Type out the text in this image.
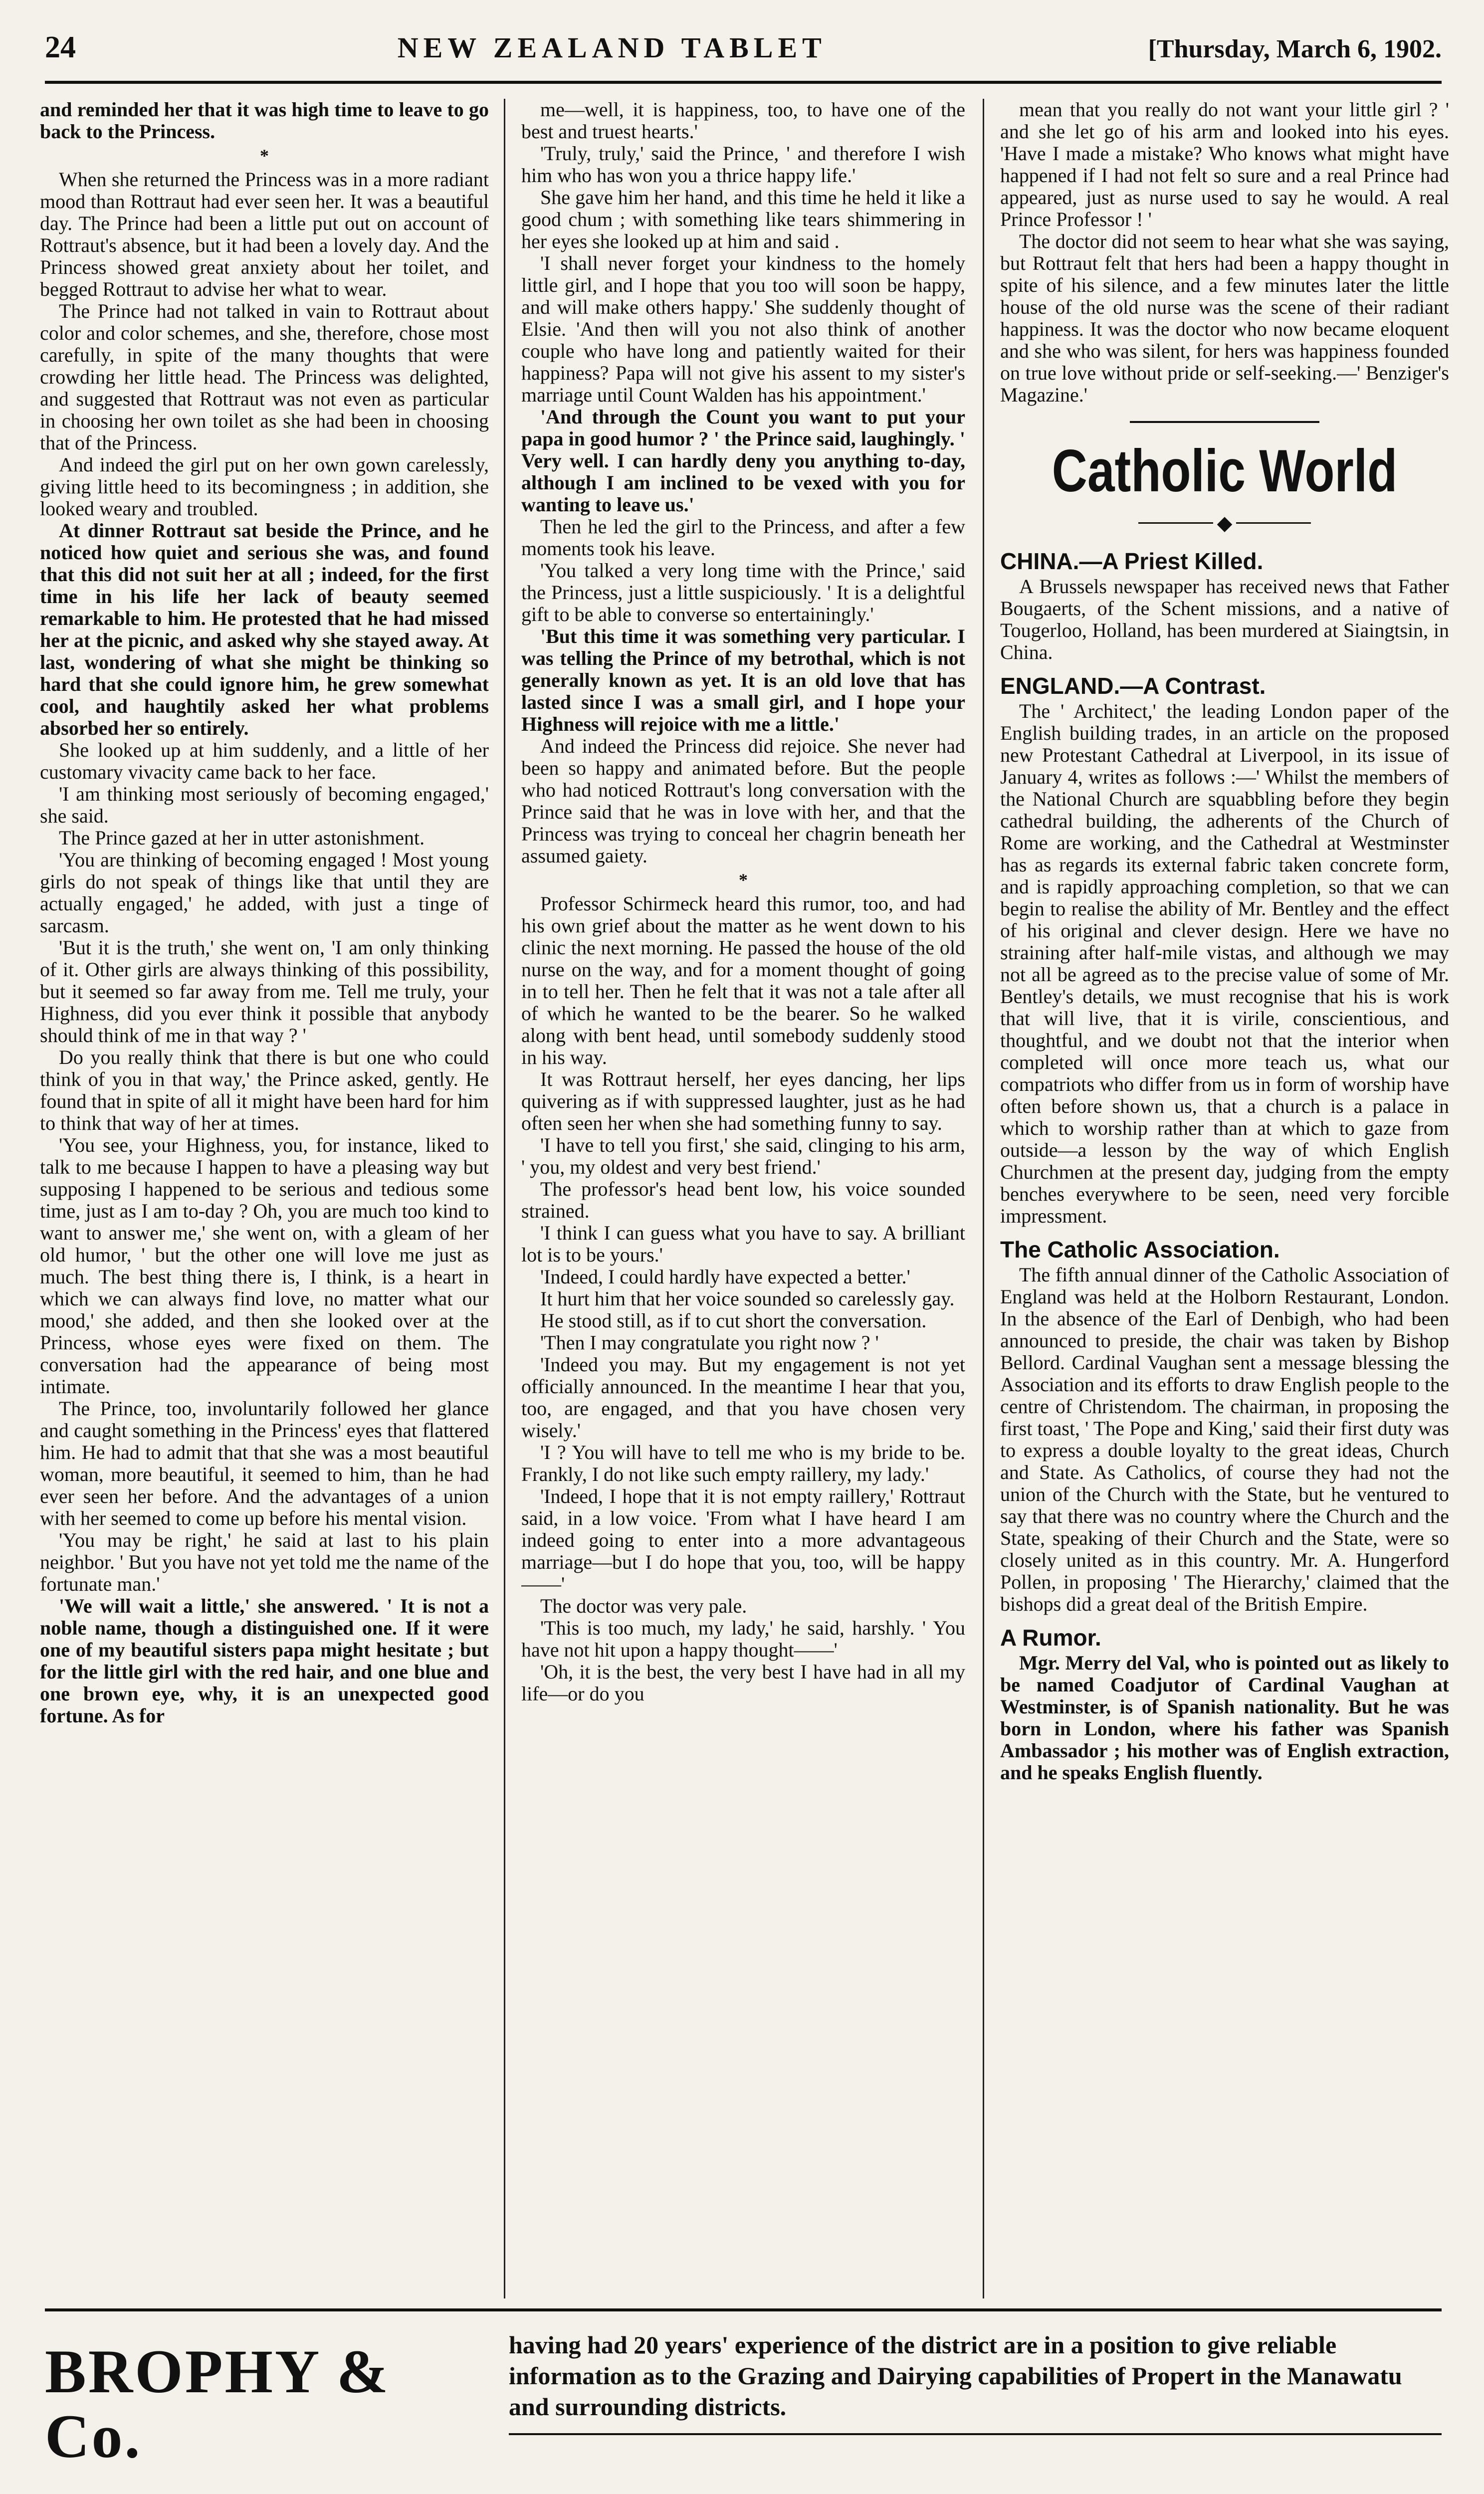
24	NEW ZEALAND TABLET	[Thursday, March 6, 1902.

and reminded her that it was high time to leave to go back to the Princess.

*

When she returned the Princess was in a more radiant mood than Rottraut had ever seen her. It was a beautiful day. The Prince had been a little put out on account of Rottraut's absence, but it had been a lovely day. And the Princess showed great anxiety about her toilet, and begged Rottraut to advise her what to wear.

The Prince had not talked in vain to Rottraut about color and color schemes, and she, therefore, chose most carefully, in spite of the many thoughts that were crowding her little head. The Princess was delighted, and suggested that Rottraut was not even as particular in choosing her own toilet as she had been in choosing that of the Princess.

And indeed the girl put on her own gown carelessly, giving little heed to its becomingness ; in addition, she looked weary and troubled.

At dinner Rottraut sat beside the Prince, and he noticed how quiet and serious she was, and found that this did not suit her at all ; indeed, for the first time in his life her lack of beauty seemed remarkable to him. He protested that he had missed her at the picnic, and asked why she stayed away. At last, wondering of what she might be thinking so hard that she could ignore him, he grew somewhat cool, and haughtily asked her what problems absorbed her so entirely.

She looked up at him suddenly, and a little of her customary vivacity came back to her face.

'I am thinking most seriously of becoming engaged,' she said.

The Prince gazed at her in utter astonishment.

'You are thinking of becoming engaged ! Most young girls do not speak of things like that until they are actually engaged,' he added, with just a tinge of sarcasm.

'But it is the truth,' she went on, 'I am only thinking of it. Other girls are always thinking of this possibility, but it seemed so far away from me. Tell me truly, your Highness, did you ever think it possible that anybody should think of me in that way ? '

Do you really think that there is but one who could think of you in that way,' the Prince asked, gently. He found that in spite of all it might have been hard for him to think that way of her at times.

'You see, your Highness, you, for instance, liked to talk to me because I happen to have a pleasing way but supposing I happened to be serious and tedious some time, just as I am to-day ? Oh, you are much too kind to want to answer me,' she went on, with a gleam of her old humor, ' but the other one will love me just as much. The best thing there is, I think, is a heart in which we can always find love, no matter what our mood,' she added, and then she looked over at the Princess, whose eyes were fixed on them. The conversation had the appearance of being most intimate.

The Prince, too, involuntarily followed her glance and caught something in the Princess' eyes that flattered him. He had to admit that that she was a most beautiful woman, more beautiful, it seemed to him, than he had ever seen her before. And the advantages of a union with her seemed to come up before his mental vision.

'You may be right,' he said at last to his plain neighbor. ' But you have not yet told me the name of the fortunate man.'

'We will wait a little,' she answered. ' It is not a noble name, though a distinguished one. If it were one of my beautiful sisters papa might hesitate ; but for the little girl with the red hair, and one blue and one brown eye, why, it is an unexpected good fortune. As for

me—well, it is happiness, too, to have one of the best and truest hearts.'

'Truly, truly,' said the Prince, ' and therefore I wish him who has won you a thrice happy life.'

She gave him her hand, and this time he held it like a good chum ; with something like tears shimmering in her eyes she looked up at him and said .

'I shall never forget your kindness to the homely little girl, and I hope that you too will soon be happy, and will make others happy.' She suddenly thought of Elsie. 'And then will you not also think of another couple who have long and patiently waited for their happiness? Papa will not give his assent to my sister's marriage until Count Walden has his appointment.'

'And through the Count you want to put your papa in good humor ? ' the Prince said, laughingly. ' Very well. I can hardly deny you anything to-day, although I am inclined to be vexed with you for wanting to leave us.'

Then he led the girl to the Princess, and after a few moments took his leave.

'You talked a very long time with the Prince,' said the Princess, just a little suspiciously. ' It is a delightful gift to be able to converse so entertainingly.'

'But this time it was something very particular. I was telling the Prince of my betrothal, which is not generally known as yet. It is an old love that has lasted since I was a small girl, and I hope your Highness will rejoice with me a little.'

And indeed the Princess did rejoice. She never had been so happy and animated before. But the people who had noticed Rottraut's long conversation with the Prince said that he was in love with her, and that the Princess was trying to conceal her chagrin beneath her assumed gaiety.

*

Professor Schirmeck heard this rumor, too, and had his own grief about the matter as he went down to his clinic the next morning. He passed the house of the old nurse on the way, and for a moment thought of going in to tell her. Then he felt that it was not a tale after all of which he wanted to be the bearer. So he walked along with bent head, until somebody suddenly stood in his way.

It was Rottraut herself, her eyes dancing, her lips quivering as if with suppressed laughter, just as he had often seen her when she had something funny to say.

'I have to tell you first,' she said, clinging to his arm, ' you, my oldest and very best friend.'

The professor's head bent low, his voice sounded strained.

'I think I can guess what you have to say. A brilliant lot is to be yours.'

'Indeed, I could hardly have expected a better.'

It hurt him that her voice sounded so carelessly gay.

He stood still, as if to cut short the conversation.

'Then I may congratulate you right now ? '

'Indeed you may. But my engagement is not yet officially announced. In the meantime I hear that you, too, are engaged, and that you have chosen very wisely.'

'I ? You will have to tell me who is my bride to be. Frankly, I do not like such empty raillery, my lady.'

'Indeed, I hope that it is not empty raillery,' Rottraut said, in a low voice. 'From what I have heard I am indeed going to enter into a more advantageous marriage—but I do hope that you, too, will be happy——'

The doctor was very pale.

'This is too much, my lady,' he said, harshly. ' You have not hit upon a happy thought——'

'Oh, it is the best, the very best I have had in all my life—or do you

mean that you really do not want your little girl ? ' and she let go of his arm and looked into his eyes. 'Have I made a mistake? Who knows what might have happened if I had not felt so sure and a real Prince had appeared, just as nurse used to say he would. A real Prince Professor ! '

The doctor did not seem to hear what she was saying, but Rottraut felt that hers had been a happy thought in spite of his silence, and a few minutes later the little house of the old nurse was the scene of their radiant happiness. It was the doctor who now became eloquent and she who was silent, for hers was happiness founded on true love without pride or self-seeking.—' Benziger's Magazine.'

Catholic World
◆
CHINA.—A Priest Killed.

A Brussels newspaper has received news that Father Bougaerts, of the Schent missions, and a native of Tougerloo, Holland, has been murdered at Siaingtsin, in China.

ENGLAND.—A Contrast.

The ' Architect,' the leading London paper of the English building trades, in an article on the proposed new Protestant Cathedral at Liverpool, in its issue of January 4, writes as follows :—' Whilst the members of the National Church are squabbling before they begin cathedral building, the adherents of the Church of Rome are working, and the Cathedral at Westminster has as regards its external fabric taken concrete form, and is rapidly approaching completion, so that we can begin to realise the ability of Mr. Bentley and the effect of his original and clever design. Here we have no straining after half-mile vistas, and although we may not all be agreed as to the precise value of some of Mr. Bentley's details, we must recognise that his is work that will live, that it is virile, conscientious, and thoughtful, and we doubt not that the interior when completed will once more teach us, what our compatriots who differ from us in form of worship have often before shown us, that a church is a palace in which to worship rather than at which to gaze from outside—a lesson by the way of which English Churchmen at the present day, judging from the empty benches everywhere to be seen, need very forcible impressment.

The Catholic Association.

The fifth annual dinner of the Catholic Association of England was held at the Holborn Restaurant, London. In the absence of the Earl of Denbigh, who had been announced to preside, the chair was taken by Bishop Bellord. Cardinal Vaughan sent a message blessing the Association and its efforts to draw English people to the centre of Christendom. The chairman, in proposing the first toast, ' The Pope and King,' said their first duty was to express a double loyalty to the great ideas, Church and State. As Catholics, of course they had not the union of the Church with the State, but he ventured to say that there was no country where the Church and the State, speaking of their Church and the State, were so closely united as in this country. Mr. A. Hungerford Pollen, in proposing ' The Hierarchy,' claimed that the bishops did a great deal of the British Empire.

A Rumor.

Mgr. Merry del Val, who is pointed out as likely to be named Coadjutor of Cardinal Vaughan at Westminster, is of Spanish nationality. But he was born in London, where his father was Spanish Ambassador ; his mother was of English extraction, and he speaks English fluently.

BROPHY & Co.
having had 20 years' experience of the district are in a position to give reliable information as to the Grazing and Dairying capabilities of Propert in the Manawatu and surrounding districts.
